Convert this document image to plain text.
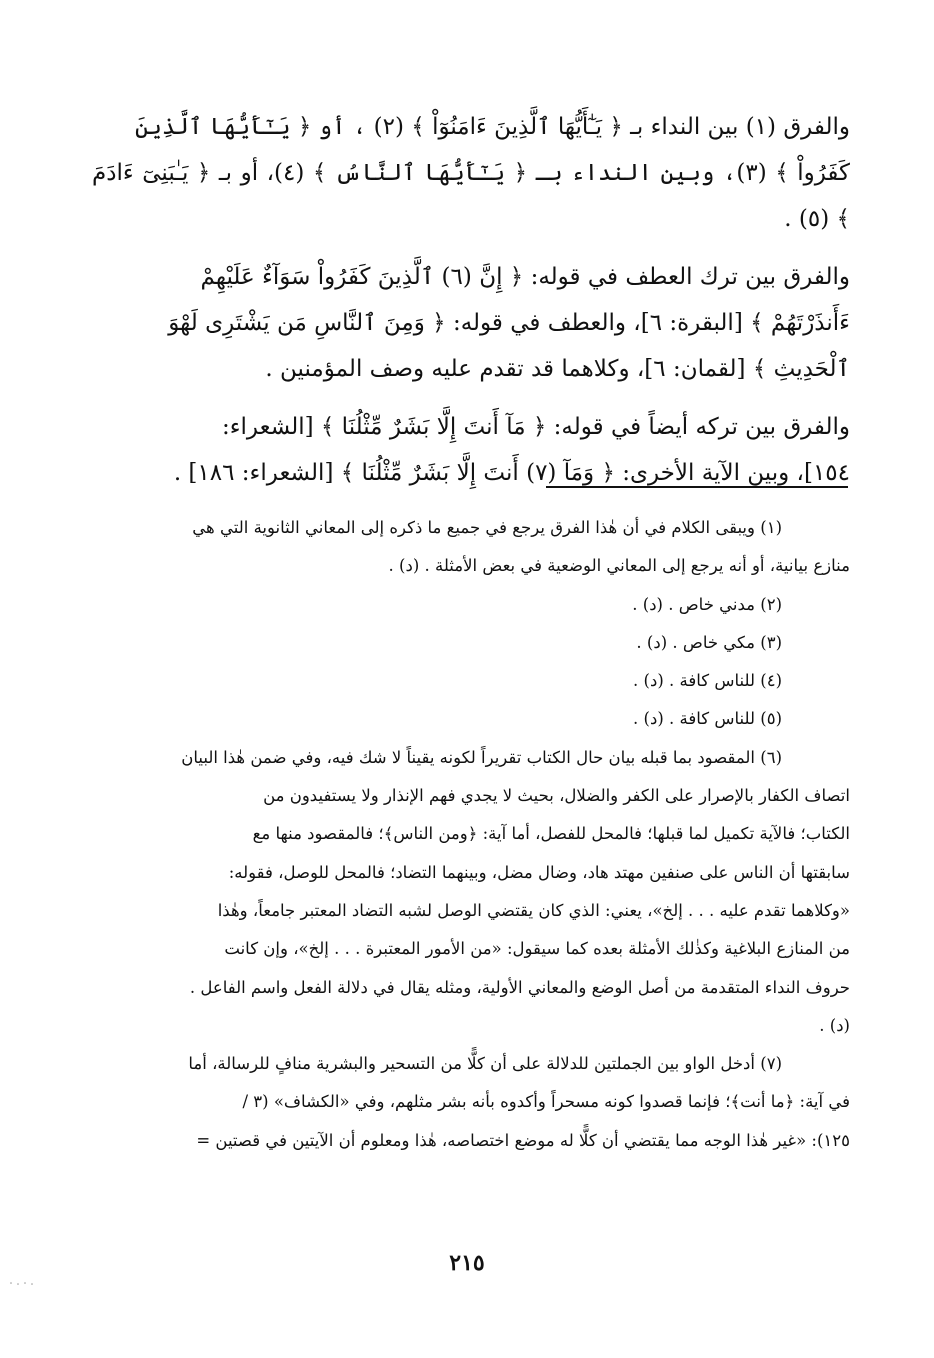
والفرق (١) بين النداء بـ ﴿ يَـٰٓأَيُّهَا ٱلَّذِينَ ءَامَنُوٓاْ ﴾ (٢) ، أو ﴿ يَـٰٓأَيُّهَا ٱلَّذِينَ
كَفَرُواْ ﴾ (٣)، وبين النداء بـ ﴿ يَـٰٓأَيُّهَا ٱلنَّاسُ ﴾ (٤)، أو بـ ﴿ يَـٰبَنِىٓ ءَادَمَ ﴾ (٥) .

والفرق بين ترك العطف في قوله: ﴿ إِنَّ (٦) ٱلَّذِينَ كَفَرُواْ سَوَآءٌ عَلَيْهِمْ
ءَأَنذَرْتَهُمْ ﴾ [البقرة: ٦]، والعطف في قوله: ﴿ وَمِنَ ٱلنَّاسِ مَن يَشْتَرِى لَهْوَ
ٱلْحَدِيثِ ﴾ [لقمان: ٦]، وكلاهما قد تقدم عليه وصف المؤمنين .

والفرق بين تركه أيضاً في قوله: ﴿ مَآ أَنتَ إِلَّا بَشَرٌ مِّثْلُنَا ﴾ [الشعراء:
١٥٤]، وبين الآية الأخرى: ﴿ وَمَآ (٧) أَنتَ إِلَّا بَشَرٌ مِّثْلُنَا ﴾ [الشعراء: ١٨٦] .

(١) ويبقى الكلام في أن هٰذا الفرق يرجع في جميع ما ذكره إلى المعاني الثانوية التي هي
منازع بيانية، أو أنه يرجع إلى المعاني الوضعية في بعض الأمثلة . (د) .
(٢) مدني خاص . (د) .
(٣) مكي خاص . (د) .
(٤) للناس كافة . (د) .
(٥) للناس كافة . (د) .
(٦) المقصود بما قبله بيان حال الكتاب تقريراً لكونه يقيناً لا شك فيه، وفي ضمن هٰذا البيان
اتصاف الكفار بالإصرار على الكفر والضلال، بحيث لا يجدي فهم الإنذار ولا يستفيدون من
الكتاب؛ فالآية تكميل لما قبلها؛ فالمحل للفصل، أما آية: ﴿ومن الناس﴾؛ فالمقصود منها مع
سابقتها أن الناس على صنفين مهتد هاد، وضال مضل، وبينهما التضاد؛ فالمحل للوصل، فقوله:
«وكلاهما تقدم عليه . . . إلخ»، يعني: الذي كان يقتضي الوصل لشبه التضاد المعتبر جامعاً، وهٰذا
من المنازع البلاغية وكذٰلك الأمثلة بعده كما سيقول: «من الأمور المعتبرة . . . إلخ»، وإن كانت
حروف النداء المتقدمة من أصل الوضع والمعاني الأولية، ومثله يقال في دلالة الفعل واسم الفاعل .
(د) .
(٧) أدخل الواو بين الجملتين للدلالة على أن كلًّا من التسحير والبشرية منافٍ للرسالة، أما
في آية: ﴿ما أنت﴾؛ فإنما قصدوا كونه مسحراً وأكدوه بأنه بشر مثلهم، وفي «الكشاف» (٣ /
١٢٥): «غير هٰذا الوجه مما يقتضي أن كلًّا له موضع اختصاصه، هٰذا ومعلوم أن الآيتين في قصتين =
٢١٥
